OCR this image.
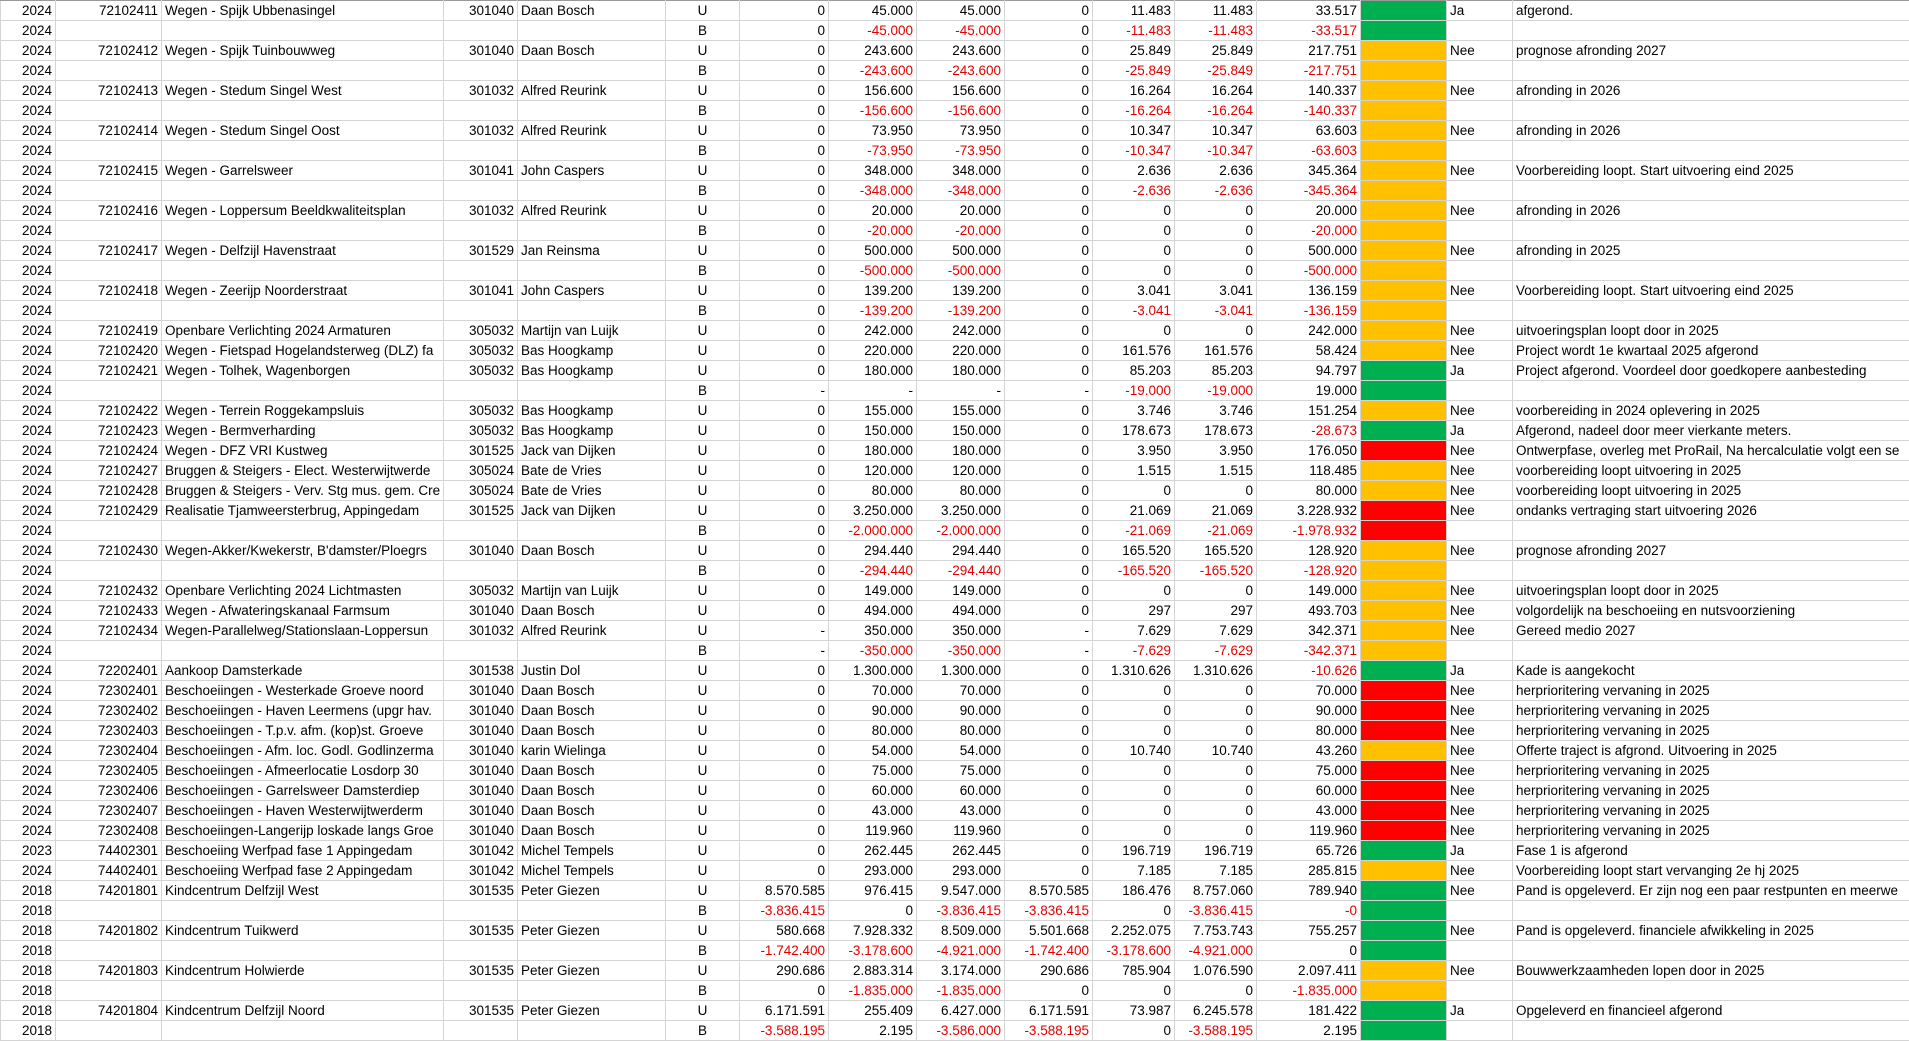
2024	72102411	Wegen - Spijk Ubbenasingel	301040	Daan Bosch	U	0	45.000	45.000	0	11.483	11.483	33.517		Ja	afgerond.
2024					B	0	-45.000	-45.000	0	-11.483	-11.483	-33.517			
2024	72102412	Wegen - Spijk Tuinbouwweg	301040	Daan Bosch	U	0	243.600	243.600	0	25.849	25.849	217.751		Nee	prognose afronding 2027
2024					B	0	-243.600	-243.600	0	-25.849	-25.849	-217.751			
2024	72102413	Wegen - Stedum Singel West	301032	Alfred Reurink	U	0	156.600	156.600	0	16.264	16.264	140.337		Nee	afronding in 2026
2024					B	0	-156.600	-156.600	0	-16.264	-16.264	-140.337			
2024	72102414	Wegen - Stedum Singel Oost	301032	Alfred Reurink	U	0	73.950	73.950	0	10.347	10.347	63.603		Nee	afronding in 2026
2024					B	0	-73.950	-73.950	0	-10.347	-10.347	-63.603			
2024	72102415	Wegen - Garrelsweer	301041	John Caspers	U	0	348.000	348.000	0	2.636	2.636	345.364		Nee	Voorbereiding loopt. Start uitvoering eind 2025
2024					B	0	-348.000	-348.000	0	-2.636	-2.636	-345.364			
2024	72102416	Wegen - Loppersum Beeldkwaliteitsplan	301032	Alfred Reurink	U	0	20.000	20.000	0	0	0	20.000		Nee	afronding in 2026
2024					B	0	-20.000	-20.000	0	0	0	-20.000			
2024	72102417	Wegen - Delfzijl Havenstraat	301529	Jan Reinsma	U	0	500.000	500.000	0	0	0	500.000		Nee	afronding in 2025
2024					B	0	-500.000	-500.000	0	0	0	-500.000			
2024	72102418	Wegen - Zeerijp Noorderstraat	301041	John Caspers	U	0	139.200	139.200	0	3.041	3.041	136.159		Nee	Voorbereiding loopt. Start uitvoering eind 2025
2024					B	0	-139.200	-139.200	0	-3.041	-3.041	-136.159			
2024	72102419	Openbare Verlichting 2024 Armaturen	305032	Martijn van Luijk	U	0	242.000	242.000	0	0	0	242.000		Nee	uitvoeringsplan loopt door in 2025
2024	72102420	Wegen - Fietspad Hogelandsterweg (DLZ) fa	305032	Bas Hoogkamp	U	0	220.000	220.000	0	161.576	161.576	58.424		Nee	Project wordt 1e kwartaal 2025 afgerond
2024	72102421	Wegen - Tolhek, Wagenborgen	305032	Bas Hoogkamp	U	0	180.000	180.000	0	85.203	85.203	94.797		Ja	Project afgerond. Voordeel door goedkopere aanbesteding
2024					B	-	-	-	-	-19.000	-19.000	19.000			
2024	72102422	Wegen - Terrein Roggekampsluis	305032	Bas Hoogkamp	U	0	155.000	155.000	0	3.746	3.746	151.254		Nee	voorbereiding in 2024 oplevering in 2025
2024	72102423	Wegen - Bermverharding	305032	Bas Hoogkamp	U	0	150.000	150.000	0	178.673	178.673	-28.673		Ja	Afgerond, nadeel door meer vierkante meters.
2024	72102424	Wegen - DFZ VRI Kustweg	301525	Jack van Dijken	U	0	180.000	180.000	0	3.950	3.950	176.050		Nee	Ontwerpfase, overleg met ProRail, Na hercalculatie volgt een se
2024	72102427	Bruggen & Steigers - Elect. Westerwijtwerde	305024	Bate de Vries	U	0	120.000	120.000	0	1.515	1.515	118.485		Nee	voorbereiding loopt uitvoering in 2025
2024	72102428	Bruggen & Steigers - Verv. Stg mus. gem. Cre	305024	Bate de Vries	U	0	80.000	80.000	0	0	0	80.000		Nee	voorbereiding loopt uitvoering in 2025
2024	72102429	Realisatie Tjamweersterbrug, Appingedam	301525	Jack van Dijken	U	0	3.250.000	3.250.000	0	21.069	21.069	3.228.932		Nee	ondanks vertraging start uitvoering 2026
2024					B	0	-2.000.000	-2.000.000	0	-21.069	-21.069	-1.978.932			
2024	72102430	Wegen-Akker/Kwekerstr, B'damster/Ploegrs	301040	Daan Bosch	U	0	294.440	294.440	0	165.520	165.520	128.920		Nee	prognose afronding 2027
2024					B	0	-294.440	-294.440	0	-165.520	-165.520	-128.920			
2024	72102432	Openbare Verlichting 2024 Lichtmasten	305032	Martijn van Luijk	U	0	149.000	149.000	0	0	0	149.000		Nee	uitvoeringsplan loopt door in 2025
2024	72102433	Wegen - Afwateringskanaal Farmsum	301040	Daan Bosch	U	0	494.000	494.000	0	297	297	493.703		Nee	volgordelijk na beschoeiing en nutsvoorziening
2024	72102434	Wegen-Parallelweg/Stationslaan-Loppersun	301032	Alfred Reurink	U	-	350.000	350.000	-	7.629	7.629	342.371		Nee	Gereed medio 2027
2024					B	-	-350.000	-350.000	-	-7.629	-7.629	-342.371			
2024	72202401	Aankoop Damsterkade	301538	Justin Dol	U	0	1.300.000	1.300.000	0	1.310.626	1.310.626	-10.626		Ja	Kade is aangekocht
2024	72302401	Beschoeiingen - Westerkade Groeve noord	301040	Daan Bosch	U	0	70.000	70.000	0	0	0	70.000		Nee	herprioritering vervaning in 2025
2024	72302402	Beschoeiingen - Haven Leermens (upgr hav.	301040	Daan Bosch	U	0	90.000	90.000	0	0	0	90.000		Nee	herprioritering vervaning in 2025
2024	72302403	Beschoeiingen - T.p.v. afm. (kop)st. Groeve	301040	Daan Bosch	U	0	80.000	80.000	0	0	0	80.000		Nee	herprioritering vervaning in 2025
2024	72302404	Beschoeiingen - Afm. loc. Godl. Godlinzerma	301040	karin Wielinga	U	0	54.000	54.000	0	10.740	10.740	43.260		Nee	Offerte traject is afgrond. Uitvoering in 2025
2024	72302405	Beschoeiingen - Afmeerlocatie Losdorp 30	301040	Daan Bosch	U	0	75.000	75.000	0	0	0	75.000		Nee	herprioritering vervaning in 2025
2024	72302406	Beschoeiingen - Garrelsweer Damsterdiep	301040	Daan Bosch	U	0	60.000	60.000	0	0	0	60.000		Nee	herprioritering vervaning in 2025
2024	72302407	Beschoeiingen - Haven Westerwijtwerderm	301040	Daan Bosch	U	0	43.000	43.000	0	0	0	43.000		Nee	herprioritering vervaning in 2025
2024	72302408	Beschoeiingen-Langerijp loskade langs Groe	301040	Daan Bosch	U	0	119.960	119.960	0	0	0	119.960		Nee	herprioritering vervaning in 2025
2023	74402301	Beschoeiing Werfpad fase 1 Appingedam	301042	Michel Tempels	U	0	262.445	262.445	0	196.719	196.719	65.726		Ja	Fase 1 is afgerond
2024	74402401	Beschoeiing Werfpad fase 2 Appingedam	301042	Michel Tempels	U	0	293.000	293.000	0	7.185	7.185	285.815		Nee	Voorbereiding loopt start vervanging 2e hj 2025
2018	74201801	Kindcentrum Delfzijl West	301535	Peter Giezen	U	8.570.585	976.415	9.547.000	8.570.585	186.476	8.757.060	789.940		Nee	Pand is opgeleverd. Er zijn nog een paar restpunten en meerwe
2018					B	-3.836.415	0	-3.836.415	-3.836.415	0	-3.836.415	-0			
2018	74201802	Kindcentrum Tuikwerd	301535	Peter Giezen	U	580.668	7.928.332	8.509.000	5.501.668	2.252.075	7.753.743	755.257		Nee	Pand is opgeleverd. financiele afwikkeling in 2025
2018					B	-1.742.400	-3.178.600	-4.921.000	-1.742.400	-3.178.600	-4.921.000	0			
2018	74201803	Kindcentrum Holwierde	301535	Peter Giezen	U	290.686	2.883.314	3.174.000	290.686	785.904	1.076.590	2.097.411		Nee	Bouwwerkzaamheden lopen door in 2025
2018					B	0	-1.835.000	-1.835.000	0	0	0	-1.835.000			
2018	74201804	Kindcentrum Delfzijl Noord	301535	Peter Giezen	U	6.171.591	255.409	6.427.000	6.171.591	73.987	6.245.578	181.422		Ja	Opgeleverd en financieel afgerond
2018					B	-3.588.195	2.195	-3.586.000	-3.588.195	0	-3.588.195	2.195			
